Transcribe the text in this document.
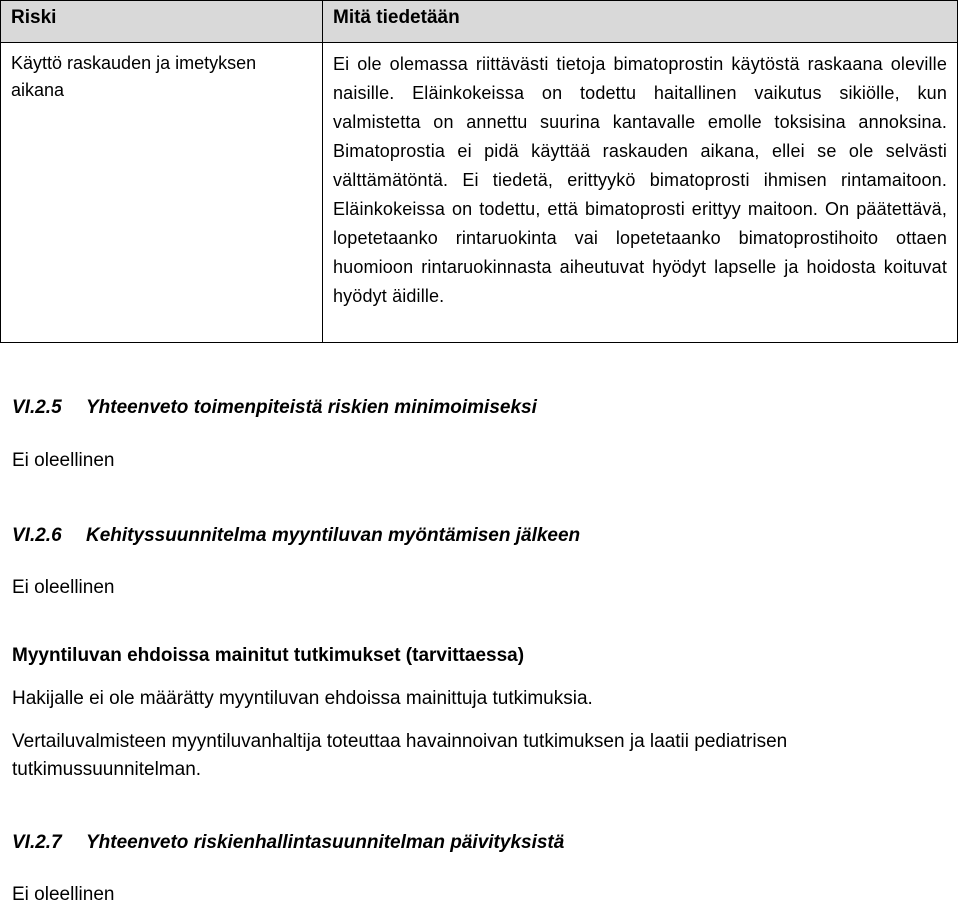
Riski	Mitä tiedetään
Käyttö raskauden ja imetyksen aikana	Ei ole olemassa riittävästi tietoja bimatoprostin käytöstä raskaana oleville naisille. Eläinkokeissa on todettu haitallinen vaikutus sikiölle, kun valmistetta on annettu suurina kantavalle emolle toksisina annoksina. Bimatoprostia ei pidä käyttää raskauden aikana, ellei se ole selvästi välttämätöntä. Ei tiedetä, erittyykö bimatoprosti ihmisen rintamaitoon. Eläinkokeissa on todettu, että bimatoprosti erittyy maitoon. On päätettävä, lopetetaanko rintaruokinta vai lopetetaanko bimatoprostihoito ottaen huomioon rintaruokinnasta aiheutuvat hyödyt lapselle ja hoidosta koituvat hyödyt äidille.
VI.2.5 Yhteenveto toimenpiteistä riskien minimoimiseksi

Ei oleellinen

VI.2.6 Kehityssuunnitelma myyntiluvan myöntämisen jälkeen

Ei oleellinen

Myyntiluvan ehdoissa mainitut tutkimukset (tarvittaessa)

Hakijalle ei ole määrätty myyntiluvan ehdoissa mainittuja tutkimuksia.

Vertailuvalmisteen myyntiluvanhaltija toteuttaa havainnoivan tutkimuksen ja laatii pediatrisen

tutkimussuunnitelman.

VI.2.7 Yhteenveto riskienhallintasuunnitelman päivityksistä

Ei oleellinen
